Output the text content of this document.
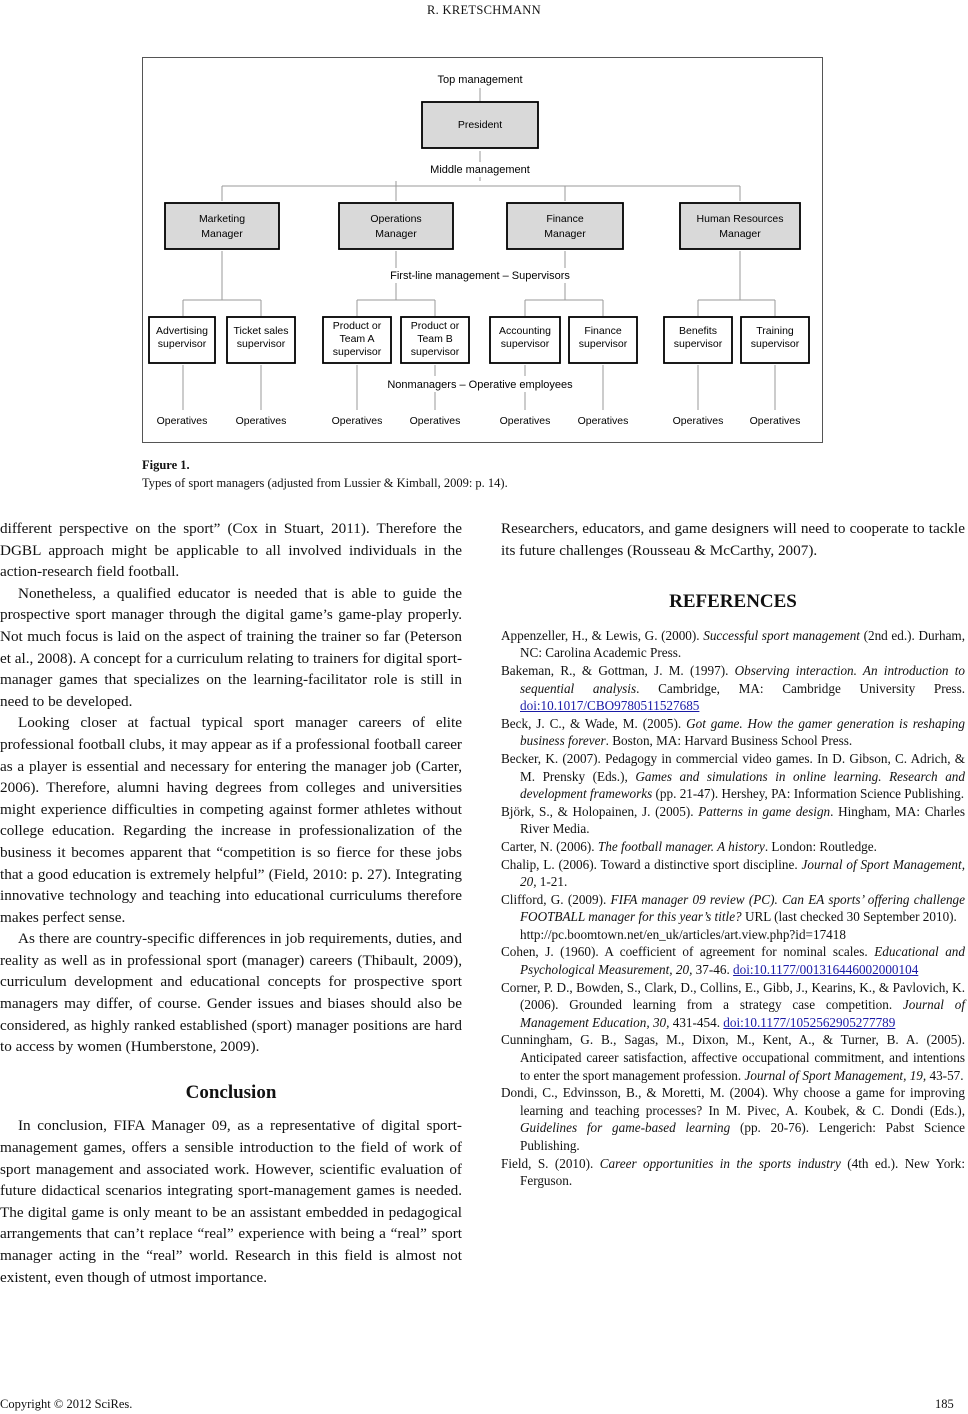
R. KRETSCHMANN
Top management
Middle management
First-line management – Supervisors
Nonmanagers – Operative employees
President
Marketing
Manager
Operations
Manager
Finance
Manager
Human Resources
Manager
Advertising
supervisor
Ticket sales
supervisor
Product or
Team A
supervisor
Product or
Team B
supervisor
Accounting
supervisor
Finance
supervisor
Benefits
supervisor
Training
supervisor
Operatives	Operatives	Operatives	Operatives	Operatives	Operatives	Operatives Operatives
Figure 1.
Types of sport managers (adjusted from Lussier & Kimball, 2009: p. 14).

different perspective on the sport” (Cox in Stuart, 2011). Therefore the DGBL approach might be applicable to all involved individuals in the action-research field football.

Nonetheless, a qualified educator is needed that is able to guide the prospective sport manager through the digital game’s game-play properly. Not much focus is laid on the aspect of training the trainer so far (Peterson et al., 2008). A concept for a curriculum relating to trainers for digital sport-manager games that specializes on the learning-facilitator role is still in need to be developed.

Looking closer at factual typical sport manager careers of elite professional football clubs, it may appear as if a professional football career as a player is essential and necessary for entering the manager job (Carter, 2006). Therefore, alumni having degrees from colleges and universities might experience difficulties in competing against former athletes without college education. Regarding the increase in professionalization of the business it becomes apparent that “competition is so fierce for these jobs that a good education is extremely helpful” (Field, 2010: p. 27). Integrating innovative technology and teaching into educational curriculums therefore makes perfect sense.

As there are country-specific differences in job requirements, duties, and reality as well as in professional sport (manager) careers (Thibault, 2009), curriculum development and educational concepts for prospective sport managers may differ, of course. Gender issues and biases should also be considered, as highly ranked established (sport) manager positions are hard to access by women (Humberstone, 2009).

Conclusion

In conclusion, FIFA Manager 09, as a representative of digital sport-management games, offers a sensible introduction to the field of work of sport management and associated work. However, scientific evaluation of future didactical scenarios integrating sport-management games is needed. The digital game is only meant to be an assistant embedded in pedagogical arrangements that can’t replace “real” experience with being a “real” sport manager acting in the “real” world. Research in this field is almost not existent, even though of utmost importance.

Researchers, educators, and game designers will need to cooperate to tackle its future challenges (Rousseau & McCarthy, 2007).

REFERENCES

Appenzeller, H., & Lewis, G. (2000). Successful sport management (2nd ed.). Durham, NC: Carolina Academic Press.

Bakeman, R., & Gottman, J. M. (1997). Observing interaction. An introduction to sequential analysis. Cambridge, MA: Cambridge University Press. doi:10.1017/CBO9780511527685

Beck, J. C., & Wade, M. (2005). Got game. How the gamer generation is reshaping business forever. Boston, MA: Harvard Business School Press.

Becker, K. (2007). Pedagogy in commercial video games. In D. Gibson, C. Adrich, & M. Prensky (Eds.), Games and simulations in online learning. Research and development frameworks (pp. 21-47). Hershey, PA: Information Science Publishing.

Björk, S., & Holopainen, J. (2005). Patterns in game design. Hingham, MA: Charles River Media.

Carter, N. (2006). The football manager. A history. London: Routledge.

Chalip, L. (2006). Toward a distinctive sport discipline. Journal of Sport Management, 20, 1-21.

Clifford, G. (2009). FIFA manager 09 review (PC). Can EA sports’ offering challenge FOOTBALL manager for this year’s title? URL (last checked 30 September 2010).
http://pc.boomtown.net/en_uk/articles/art.view.php?id=17418

Cohen, J. (1960). A coefficient of agreement for nominal scales. Educational and Psychological Measurement, 20, 37-46. doi:10.1177/001316446002000104

Corner, P. D., Bowden, S., Clark, D., Collins, E., Gibb, J., Kearins, K., & Pavlovich, K. (2006). Grounded learning from a strategy case competition. Journal of Management Education, 30, 431-454. doi:10.1177/1052562905277789

Cunningham, G. B., Sagas, M., Dixon, M., Kent, A., & Turner, B. A. (2005). Anticipated career satisfaction, affective occupational commitment, and intentions to enter the sport management profession. Journal of Sport Management, 19, 43-57.

Dondi, C., Edvinsson, B., & Moretti, M. (2004). Why choose a game for improving learning and teaching processes? In M. Pivec, A. Koubek, & C. Dondi (Eds.), Guidelines for game-based learning (pp. 20-76). Lengerich: Pabst Science Publishing.

Field, S. (2010). Career opportunities in the sports industry (4th ed.). New York: Ferguson.

Copyright © 2012 SciRes.	185
